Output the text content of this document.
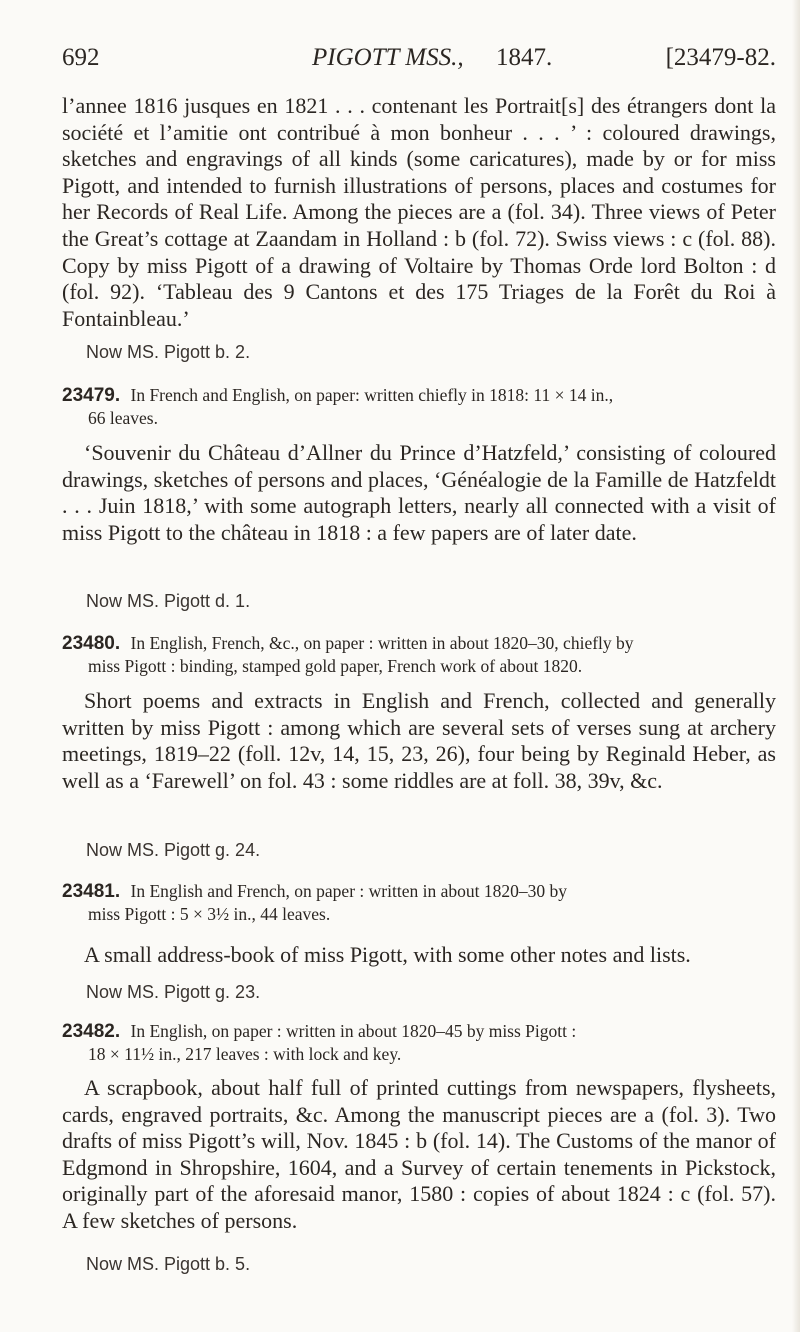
692	PIGOTT MSS., 1847.	[23479-82.
l’annee 1816 jusques en 1821 . . . contenant les Portrait[s] des étrangers dont la société et l’amitie ont contribué à mon bonheur . . . ’ : coloured drawings, sketches and engravings of all kinds (some caricatures), made by or for miss Pigott, and intended to furnish illustrations of persons, places and costumes for her Records of Real Life. Among the pieces are a (fol. 34). Three views of Peter the Great’s cottage at Zaandam in Holland : b (fol. 72). Swiss views : c (fol. 88). Copy by miss Pigott of a drawing of Voltaire by Thomas Orde lord Bolton : d (fol. 92). ‘Tableau des 9 Cantons et des 175 Triages de la Forêt du Roi à Fontainbleau.’
Now MS. Pigott b. 2.
23479. In French and English, on paper: written chiefly in 1818: 11 × 14 in.,
66 leaves.
‘Souvenir du Château d’Allner du Prince d’Hatzfeld,’ consisting of coloured drawings, sketches of persons and places, ‘Généalogie de la Famille de Hatzfeldt . . . Juin 1818,’ with some autograph letters, nearly all connected with a visit of miss Pigott to the château in 1818 : a few papers are of later date.
Now MS. Pigott d. 1.
23480. In English, French, &c., on paper : written in about 1820–30, chiefly by
miss Pigott : binding, stamped gold paper, French work of about 1820.
Short poems and extracts in English and French, collected and generally written by miss Pigott : among which are several sets of verses sung at archery meetings, 1819–22 (foll. 12v, 14, 15, 23, 26), four being by Reginald Heber, as well as a ‘Farewell’ on fol. 43 : some riddles are at foll. 38, 39v, &c.
Now MS. Pigott g. 24.
23481. In English and French, on paper : written in about 1820–30 by
miss Pigott : 5 × 3½ in., 44 leaves.
A small address-book of miss Pigott, with some other notes and lists.
Now MS. Pigott g. 23.
23482. In English, on paper : written in about 1820–45 by miss Pigott :
18 × 11½ in., 217 leaves : with lock and key.
A scrapbook, about half full of printed cuttings from newspapers, flysheets, cards, engraved portraits, &c. Among the manuscript pieces are a (fol. 3). Two drafts of miss Pigott’s will, Nov. 1845 : b (fol. 14). The Customs of the manor of Edgmond in Shropshire, 1604, and a Survey of certain tenements in Pickstock, originally part of the aforesaid manor, 1580 : copies of about 1824 : c (fol. 57). A few sketches of persons.
Now MS. Pigott b. 5.
